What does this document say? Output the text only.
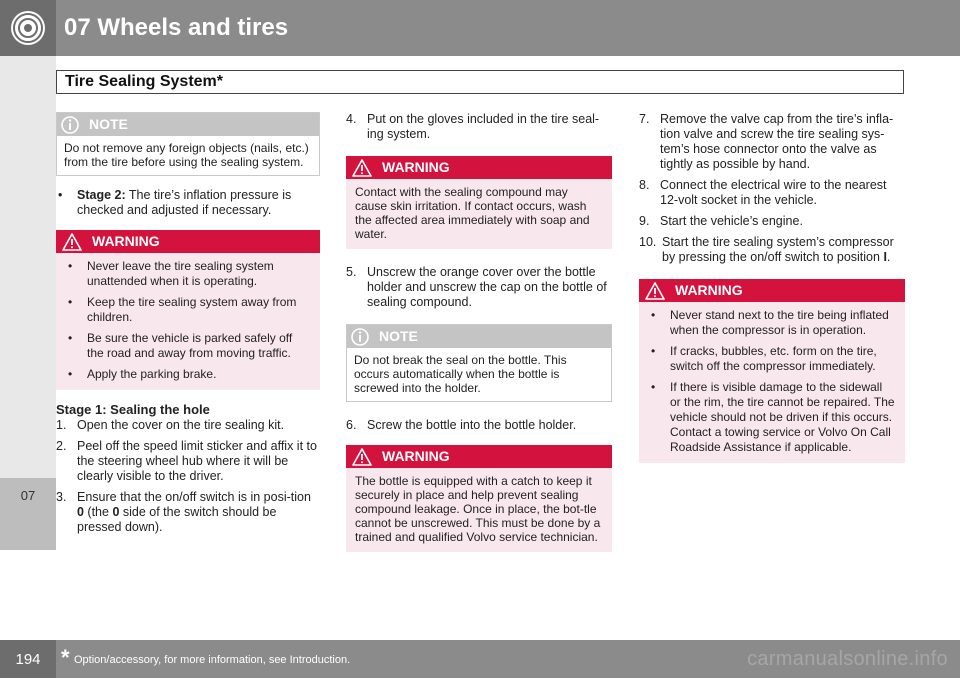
07 Wheels and tires
Tire Sealing System*
07
NOTE
Do not remove any foreign objects (nails, etc.) from the tire before using the sealing system.
• Stage 2: The tire’s inflation pressure is checked and adjusted if necessary.
WARNING
• Never leave the tire sealing system unattended when it is operating.
• Keep the tire sealing system away from children.
• Be sure the vehicle is parked safely off the road and away from moving traffic.
• Apply the parking brake.
Stage 1: Sealing the hole
1. Open the cover on the tire sealing kit.
2. Peel off the speed limit sticker and affix it to the steering wheel hub where it will be clearly visible to the driver.
3. Ensure that the on/off switch is in posi-tion 0 (the 0 side of the switch should be pressed down).
4. Put on the gloves included in the tire seal-ing system.
WARNING
Contact with the sealing compound may cause skin irritation. If contact occurs, wash the affected area immediately with soap and water.
5. Unscrew the orange cover over the bottle holder and unscrew the cap on the bottle of sealing compound.
NOTE
Do not break the seal on the bottle. This occurs automatically when the bottle is screwed into the holder.
6. Screw the bottle into the bottle holder.
WARNING
The bottle is equipped with a catch to keep it securely in place and help prevent sealing compound leakage. Once in place, the bot-tle cannot be unscrewed. This must be done by a trained and qualified Volvo service technician.
7. Remove the valve cap from the tire’s infla-tion valve and screw the tire sealing sys-tem’s hose connector onto the valve as tightly as possible by hand.
8. Connect the electrical wire to the nearest 12-volt socket in the vehicle.
9. Start the vehicle’s engine.
10. Start the tire sealing system’s compressor by pressing the on/off switch to position I.
WARNING
• Never stand next to the tire being inflated when the compressor is in operation.
• If cracks, bubbles, etc. form on the tire, switch off the compressor immediately.
• If there is visible damage to the sidewall or the rim, the tire cannot be repaired. The vehicle should not be driven if this occurs. Contact a towing service or Volvo On Call Roadside Assistance if applicable.
194 * Option/accessory, for more information, see Introduction.	carmanualsonline.info
